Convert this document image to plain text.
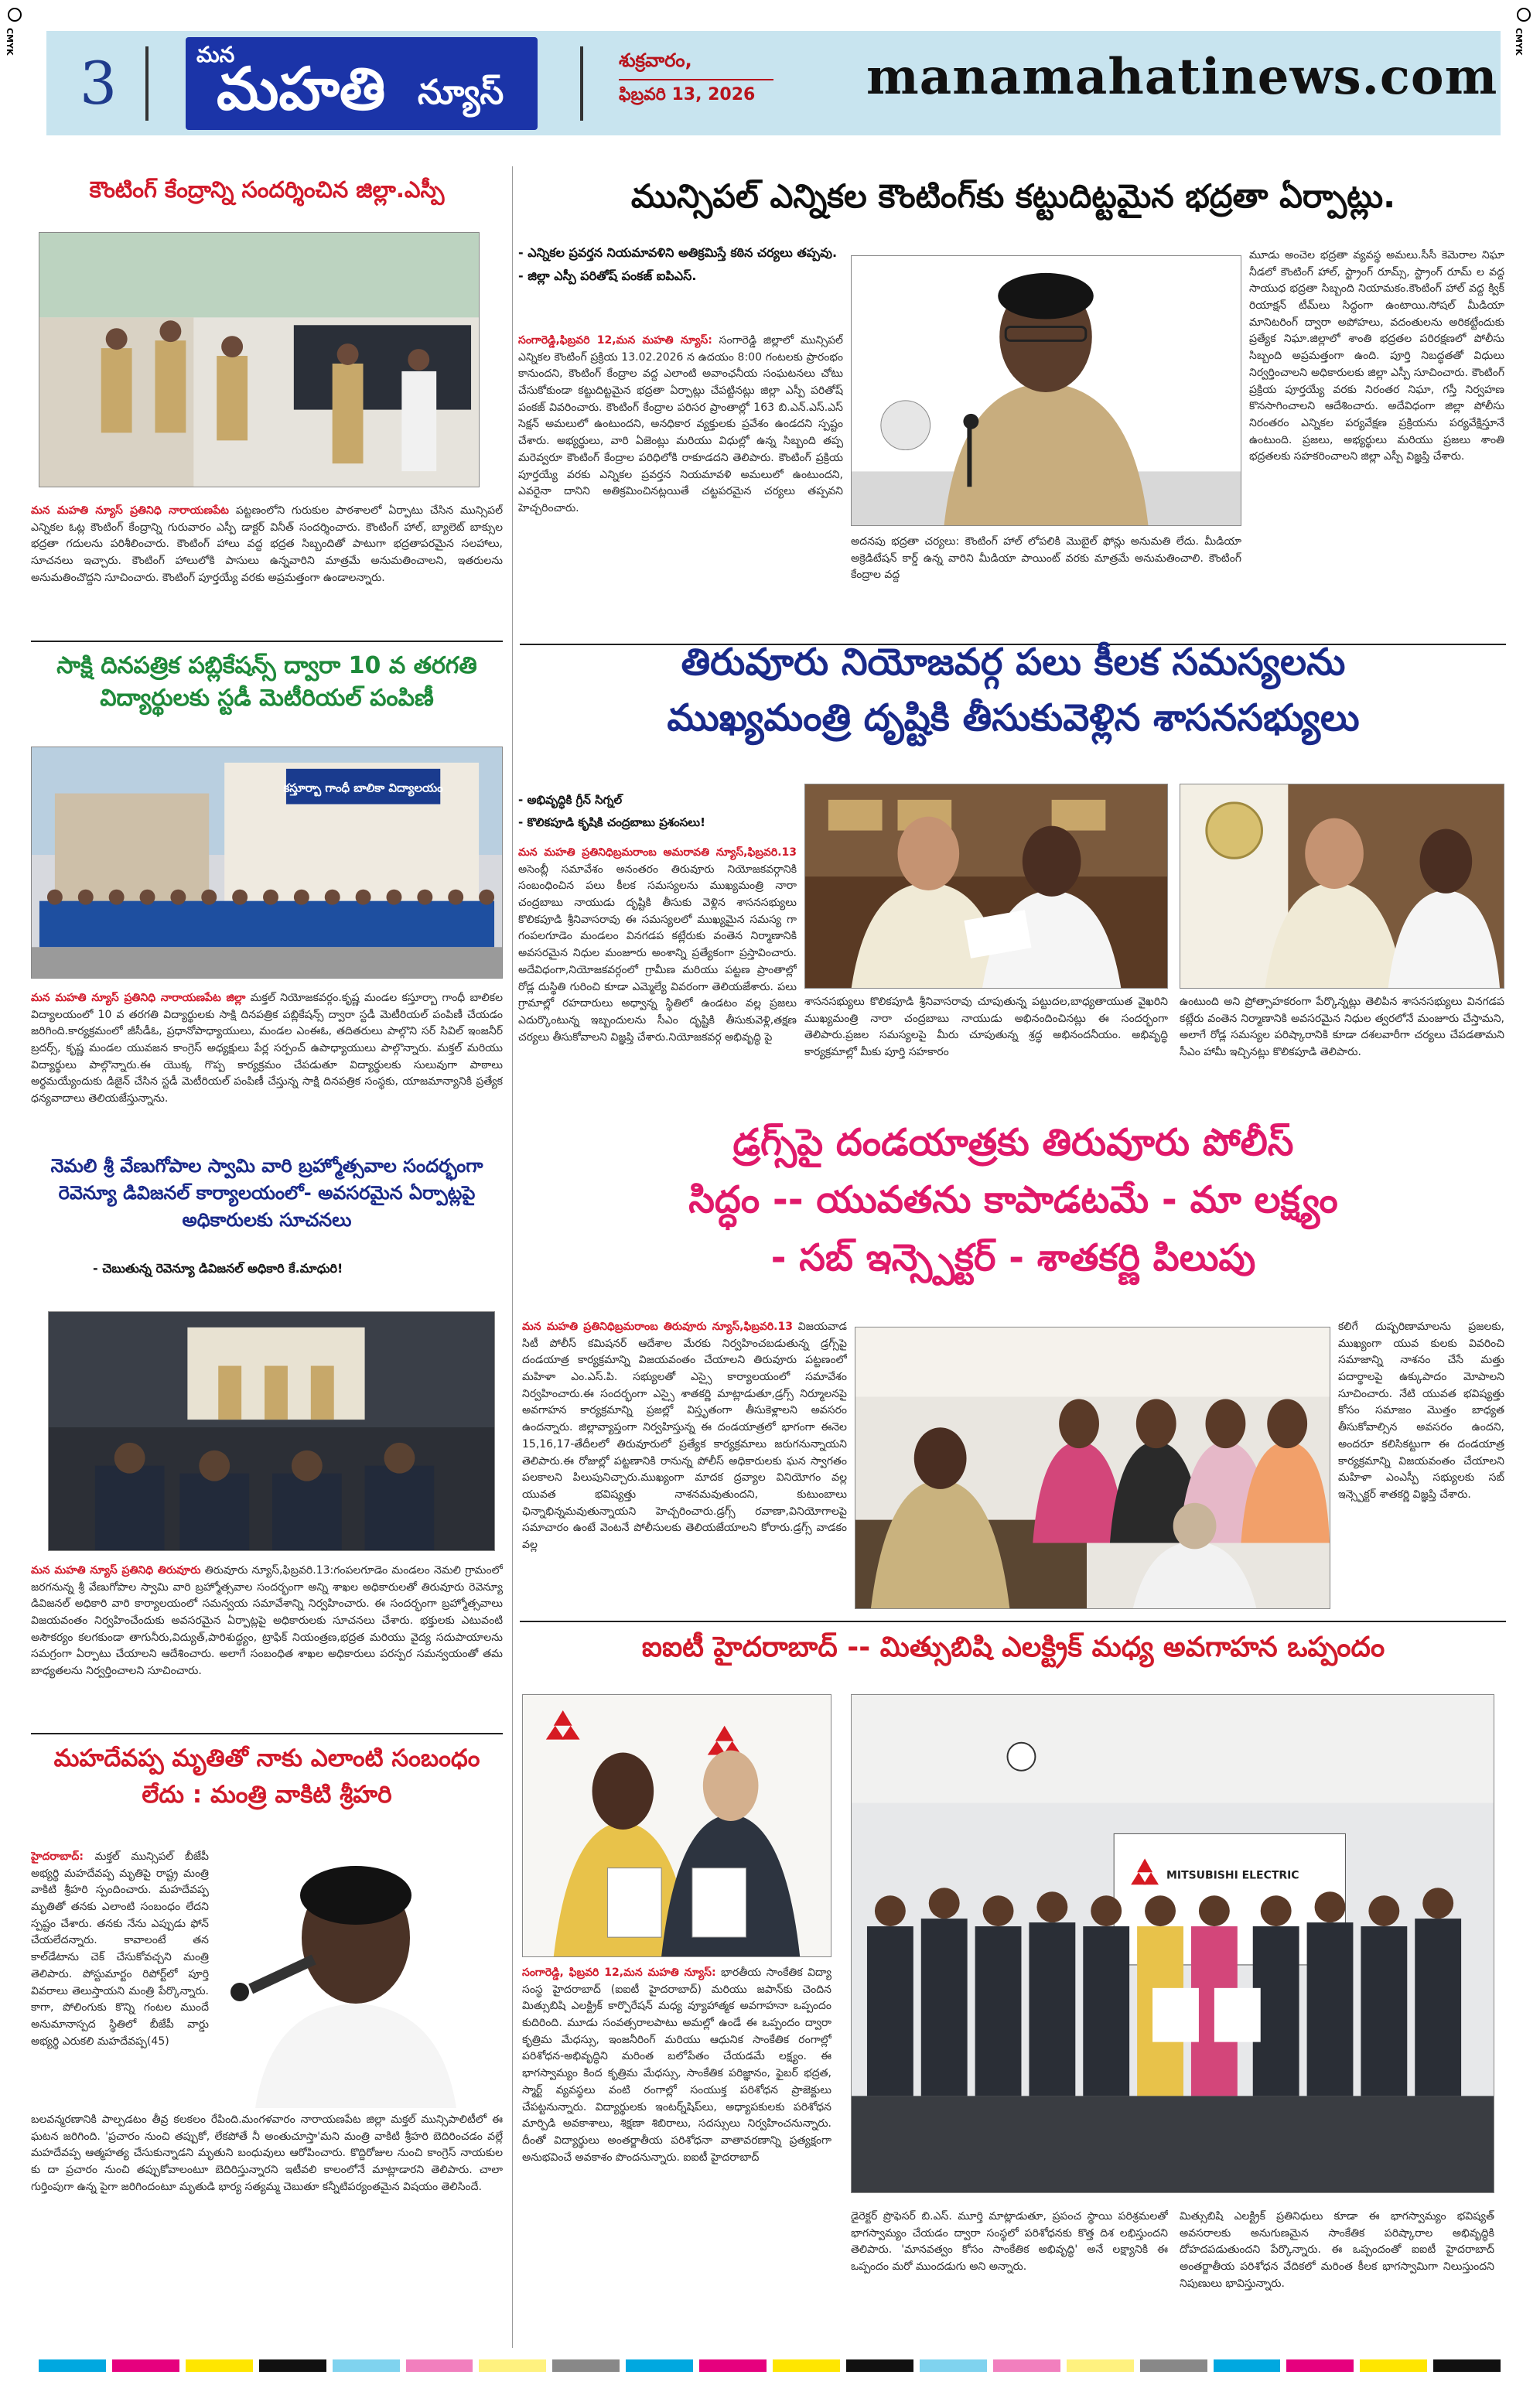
CMYK	CMYK
3	మన
మహతి న్యూస్
శుక్రవారం,
ఫిబ్రవరి 13, 2026	manamahatinews.com
కౌంటింగ్ కేంద్రాన్ని సందర్శించిన జిల్లా.ఎస్పీ
మన మహతి న్యూస్ ప్రతినిధి నారాయణపేట పట్టణంలోని గురుకుల పాఠశాలలో ఏర్పాటు చేసిన మున్సిపల్ ఎన్నికల ఓట్ల కౌంటింగ్ కేంద్రాన్ని గురువారం ఎస్పీ డాక్టర్ వినీత్ సందర్శించారు. కౌంటింగ్ హాల్, బ్యాలెట్ బాక్సుల భద్రతా గదులను పరిశీలించారు. కౌంటింగ్ హాలు వద్ద భద్రత సిబ్బందితో పాటుగా భద్రతాపరమైన సలహాలు, సూచనలు ఇచ్చారు. కౌంటింగ్ హాలులోకి పాసులు ఉన్నవారిని మాత్రమే అనుమతించాలని, ఇతరులను అనుమతించొద్దని సూచించారు. కౌంటింగ్ పూర్తయ్యే వరకు అప్రమత్తంగా ఉండాలన్నారు.
సాక్షి దినపత్రిక పబ్లికేషన్స్ ద్వారా 10 వ తరగతి విద్యార్థులకు స్టడీ మెటీరియల్ పంపిణీ
కస్తూర్బా గాంధీ బాలికా విద్యాలయం
మన మహతి న్యూస్ ప్రతినిధి నారాయణపేట జిల్లా మక్తల్ నియోజకవర్గం.కృష్ణ మండల కస్తూర్బా గాంధీ బాలికల విద్యాలయంలో 10 వ తరగతి విద్యార్థులకు సాక్షి దినపత్రిక పబ్లికేషన్స్ ద్వారా స్టడీ మెటీరియల్ పంపిణీ చేయడం జరిగింది.కార్యక్రమంలో జీసీడీఓ, ప్రధానోపాధ్యాయులు, మండల ఎంఈఓ, తదితరులు పాల్గొని సర్ సివిల్ ఇంజనీర్ బ్రదర్స్, కృష్ణ మండల యువజన కాంగ్రెస్ అధ్యక్షులు పేర్ల సర్పంచ్ ఉపాధ్యాయులు పాల్గొన్నారు. మక్తల్ మరియు విద్యార్థులు పాల్గొన్నారు.ఈ యొక్క గొప్ప కార్యక్రమం చేపడుతూ విద్యార్థులకు సులువుగా పాఠాలు అర్థమయ్యేందుకు డిజైన్ చేసిన స్టడీ మెటీరియల్ పంపిణీ చేస్తున్న సాక్షి దినపత్రిక సంస్థకు, యాజమాన్యానికి ప్రత్యేక ధన్యవాదాలు తెలియజేస్తున్నాను.
నెమలి శ్రీ వేణుగోపాల స్వామి వారి బ్రహ్మోత్సవాల సందర్భంగా రెవెన్యూ డివిజనల్ కార్యాలయంలో- అవసరమైన ఏర్పాట్లపై అధికారులకు సూచనలు
- చెబుతున్న రెవెన్యూ డివిజనల్ అధికారి కే.మాధురి!
మన మహతి న్యూస్ ప్రతినిధి తిరువూరు తిరువూరు న్యూస్,ఫిబ్రవరి.13:గంపలగూడెం మండలం నెమలి గ్రామంలో జరగనున్న శ్రీ వేణుగోపాల స్వామి వారి బ్రహ్మోత్సవాల సందర్భంగా అన్ని శాఖల అధికారులతో తిరువూరు రెవెన్యూ డివిజనల్ అధికారి వారి కార్యాలయంలో సమన్వయ సమావేశాన్ని నిర్వహించారు. ఈ సందర్భంగా బ్రహ్మోత్సవాలు విజయవంతం నిర్వహించేందుకు అవసరమైన ఏర్పాట్లపై అధికారులకు సూచనలు చేశారు. భక్తులకు ఎటువంటి అసౌకర్యం కలగకుండా తాగునీరు,విద్యుత్,పారిశుద్ధ్యం, ట్రాఫిక్ నియంత్రణ,భద్రత మరియు వైద్య సదుపాయాలను సమగ్రంగా ఏర్పాటు చేయాలని ఆదేశించారు. అలాగే సంబంధిత శాఖల అధికారులు పరస్పర సమన్వయంతో తమ బాధ్యతలను నిర్వర్తించాలని సూచించారు.
మహదేవప్ప మృతితో నాకు ఎలాంటి సంబంధం లేదు : మంత్రి వాకిటి శ్రీహరి
హైదరాబాద్: మక్తల్ మున్సిపల్ బీజేపీ అభ్యర్థి మహదేవప్ప మృతిపై రాష్ట్ర మంత్రి వాకిటి శ్రీహరి స్పందించారు. మహదేవప్ప మృతితో తనకు ఎలాంటి సంబంధం లేదని స్పష్టం చేశారు. తనకు నేను ఎప్పుడు ఫోన్ చేయలేదన్నారు. కావాలంటే తన కాల్‌డేటాను చెక్ చేసుకోవచ్చని మంత్రి తెలిపారు. పోస్టుమార్టం రిపోర్ట్‌లో పూర్తి వివరాలు తెలుస్తాయని మంత్రి పేర్కొన్నారు. కాగా, పోలింగుకు కొన్ని గంటల ముందే అనుమానాస్పద స్థితిలో బీజేపీ వార్డు అభ్యర్థి ఎరుకలి మహదేవప్ప(45)
బలవన్మరణానికి పాల్పడటం తీవ్ర కలకలం రేపింది.మంగళవారం నారాయణపేట జిల్లా మక్తల్ మున్సిపాలిటీలో ఈ ఘటన జరిగింది. 'ప్రచారం నుంచి తప్పుకో, లేకపోతే నీ అంతుచూస్తా'మని మంత్రి వాకిటి శ్రీహరి బెదిరించడం వల్లే మహదేవప్ప ఆత్మహత్య చేసుకున్నాడని మృతుని బంధువులు ఆరోపించారు. కొద్దిరోజుల నుంచి కాంగ్రెస్ నాయకుల కు దా ప్రచారం నుంచి తప్పుకోవాలంటూ బెదిరిస్తున్నారని ఇటీవలి కాలంలోనే మాట్లాడారని తెలిపారు. చాలా గుర్తింపుగా ఉన్న పైగా జరిగిందంటూ మృతుడి భార్య సత్యమ్మ చెబుతూ కన్నీటిపర్యంతమైన విషయం తెలిసిందే.
మున్సిపల్ ఎన్నికల కౌంటింగ్‌కు కట్టుదిట్టమైన భద్రతా ఏర్పాట్లు.
- ఎన్నికల ప్రవర్తన నియమావళిని అతిక్రమిస్తే కఠిన చర్యలు తప్పవు.
- జిల్లా ఎస్పీ పరితోష్ పంకజ్ ఐపిఎస్.
సంగారెడ్డి,ఫిబ్రవరి 12,మన మహతి న్యూస్: సంగారెడ్డి జిల్లాలో మున్సిపల్ ఎన్నికల కౌంటింగ్ ప్రక్రియ 13.02.2026 న ఉదయం 8:00 గంటలకు ప్రారంభం కానుందని, కౌంటింగ్ కేంద్రాల వద్ద ఎలాంటి అవాంఛనీయ సంఘటనలు చోటు చేసుకోకుండా కట్టుదిట్టమైన భద్రతా ఏర్పాట్లు చేపట్టినట్లు జిల్లా ఎస్పీ పరితోష్ పంకజ్ వివరించారు. కౌంటింగ్ కేంద్రాల పరిసర ప్రాంతాల్లో 163 బి.ఎన్.ఎస్.ఎస్ సెక్షన్ అమలులో ఉంటుందని, అనధికార వ్యక్తులకు ప్రవేశం ఉండదని స్పష్టం చేశారు. అభ్యర్థులు, వారి ఏజెంట్లు మరియు విధుల్లో ఉన్న సిబ్బంది తప్ప మరెవ్వరూ కౌంటింగ్ కేంద్రాల పరిధిలోకి రాకూడదని తెలిపారు. కౌంటింగ్ ప్రక్రియ పూర్తయ్యే వరకు ఎన్నికల ప్రవర్తన నియమావళి అమలులో ఉంటుందని, ఎవరైనా దానిని అతిక్రమించినట్లయితే చట్టపరమైన చర్యలు తప్పవని హెచ్చరించారు.
అదనపు భద్రతా చర్యలు: కౌంటింగ్ హాల్ లోపలికి మొబైల్ ఫోన్లు అనుమతి లేదు. మీడియా అక్రెడిటేషన్ కార్డ్ ఉన్న వారిని మీడియా పాయింట్ వరకు మాత్రమే అనుమతించాలి. కౌంటింగ్ కేంద్రాల వద్ద
మూడు అంచెల భద్రతా వ్యవస్థ అమలు.సీసీ కెమెరాల నిఘా నీడలో కౌంటింగ్ హాల్, స్ట్రాంగ్ రూమ్స్, స్ట్రాంగ్ రూమ్ ల వద్ద సాయుధ భద్రతా సిబ్బంది నియామకం.కౌంటింగ్ హాల్ వద్ద క్విక్ రియాక్షన్ టీమ్‌లు సిద్ధంగా ఉంటాయి.సోషల్ మీడియా మానిటరింగ్ ద్వారా అపోహలు, వదంతులను అరికట్టేందుకు ప్రత్యేక నిఘా.జిల్లాలో శాంతి భద్రతల పరిరక్షణలో పోలీసు సిబ్బంది అప్రమత్తంగా ఉంది. పూర్తి నిబద్ధతతో విధులు నిర్వర్తించాలని అధికారులకు జిల్లా ఎస్పీ సూచించారు. కౌంటింగ్ ప్రక్రియ పూర్తయ్యే వరకు నిరంతర నిఘా, గస్తీ నిర్వహణ కొనసాగించాలని ఆదేశించారు. అదేవిధంగా జిల్లా పోలీసు నిరంతరం ఎన్నికల పర్యవేక్షణ ప్రక్రియను పర్యవేక్షిస్తూనే ఉంటుంది. ప్రజలు, అభ్యర్థులు మరియు ప్రజలు శాంతి భద్రతలకు సహకరించాలని జిల్లా ఎస్పీ విజ్ఞప్తి చేశారు.
తిరువూరు నియోజవర్గ పలు కీలక సమస్యలను
ముఖ్యమంత్రి దృష్టికి తీసుకువెళ్లిన శాసనసభ్యులు
- అభివృద్ధికి గ్రీన్ సిగ్నల్
- కొలికపూడి కృషికి చంద్రబాబు ప్రశంసలు!
మన మహతి ప్రతినిధిబ్రమరాంబ అమరావతి న్యూస్,ఫిబ్రవరి.13 అసెంబ్లీ సమావేశం అనంతరం తిరువూరు నియోజకవర్గానికి సంబంధించిన పలు కీలక సమస్యలను ముఖ్యమంత్రి నారా చంద్రబాబు నాయుడు దృష్టికి తీసుకు వెళ్లిన శాసనసభ్యులు కొలికపూడి శ్రీనివాసరావు ఈ సమస్యలలో ముఖ్యమైన సమస్య గా గంపలగూడెం మండలం వినగడప కట్లేరుకు వంతెన నిర్మాణానికి అవసరమైన నిధుల మంజూరు అంశాన్ని ప్రత్యేకంగా ప్రస్తావించారు. అదేవిధంగా,నియోజకవర్గంలో గ్రామీణ మరియు పట్టణ ప్రాంతాల్లో రోడ్ల దుస్థితి గురించి కూడా ఎమ్మెల్యే వివరంగా తెలియజేశారు. పలు గ్రామాల్లో రహదారులు అధ్వాన్న స్థితిలో ఉండటం వల్ల ప్రజలు ఎదుర్కొంటున్న ఇబ్బందులను సీఎం దృష్టికి తీసుకువెళ్లి,తక్షణ చర్యలు తీసుకోవాలని విజ్ఞప్తి చేశారు.నియోజకవర్గ అభివృద్ధి పై
శాసనసభ్యులు కొలికపూడి శ్రీనివాసరావు చూపుతున్న పట్టుదల,బాధ్యతాయుత వైఖరిని ముఖ్యమంత్రి నారా చంద్రబాబు నాయుడు అభినందించినట్లు ఈ సందర్భంగా తెలిపారు.ప్రజల సమస్యలపై మీరు చూపుతున్న శ్రద్ధ అభినందనీయం. అభివృద్ధి కార్యక్రమాల్లో మీకు పూర్తి సహకారం
ఉంటుంది అని ప్రోత్సాహకరంగా పేర్కొన్నట్లు తెలిపిన శాసనసభ్యులు వినగడప కట్లేరు వంతెన నిర్మాణానికి అవసరమైన నిధుల త్వరలోనే మంజూరు చేస్తామని, అలాగే రోడ్ల సమస్యల పరిష్కారానికి కూడా దశలవారీగా చర్యలు చేపడతామని సీఎం హామీ ఇచ్చినట్లు కొలికపూడి తెలిపారు.
డ్రగ్స్‌పై దండయాత్రకు తిరువూరు పోలీస్
సిద్ధం -- యువతను కాపాడటమే - మా లక్ష్యం
- సబ్ ఇన్స్పెక్టర్ - శాతకర్ణి పిలుపు
మన మహతి ప్రతినిధిబ్రమరాంబ తిరువూరు న్యూస్,ఫిబ్రవరి.13 విజయవాడ సిటీ పోలీస్ కమిషనర్ ఆదేశాల మేరకు నిర్వహించబడుతున్న డ్రగ్స్‌పై దండయాత్ర కార్యక్రమాన్ని విజయవంతం చేయాలని తిరువూరు పట్టణంలో మహిళా ఎం.ఎస్.పి. సభ్యులతో ఎస్సై కార్యాలయంలో సమావేశం నిర్వహించారు.ఈ సందర్భంగా ఎస్సై శాతకర్ణి మాట్లాడుతూ,డ్రగ్స్ నిర్మూలనపై అవగాహన కార్యక్రమాన్ని ప్రజల్లో విస్తృతంగా తీసుకెళ్లాలని అవసరం ఉందన్నారు. జిల్లావ్యాప్తంగా నిర్వహిస్తున్న ఈ దండయాత్రలో భాగంగా ఈనెల 15,16,17-తేదీలలో తిరువూరులో ప్రత్యేక కార్యక్రమాలు జరుగనున్నాయని తెలిపారు.ఈ రోజుల్లో పట్టణానికి రానున్న పోలీస్ అధికారులకు ఘన స్వాగతం పలకాలని పిలుపునిచ్చారు.ముఖ్యంగా మాదక ద్రవ్యాల వినియోగం వల్ల యువత భవిష్యత్తు నాశనమవుతుందని, కుటుంబాలు ఛిన్నాభిన్నమవుతున్నాయని హెచ్చరించారు.డ్రగ్స్ రవాణా,వినియోగాలపై సమాచారం ఉంటే వెంటనే పోలీసులకు తెలియజేయాలని కోరారు.డ్రగ్స్ వాడకం వల్ల
కలిగే దుష్పరిణామాలను ప్రజలకు, ముఖ్యంగా యువ కులకు వివరించి సమాజాన్ని నాశనం చేసే మత్తు పదార్థాలపై ఉక్కుపాదం మోపాలని సూచించారు. నేటి యువత భవిష్యత్తు కోసం సమాజం మొత్తం బాధ్యత తీసుకోవాల్సిన అవసరం ఉందని, అందరూ కలిసికట్టుగా ఈ దండయాత్ర కార్యక్రమాన్ని విజయవంతం చేయాలని మహిళా ఎంఎస్పీ సభ్యులకు సబ్ ఇన్స్పెక్టర్ శాతకర్ణి విజ్ఞప్తి చేశారు.
ఐఐటీ హైదరాబాద్ -- మిత్సుబిషి ఎలక్ట్రిక్ మధ్య అవగాహన ఒప్పందం
సంగారెడ్డి, ఫిబ్రవరి 12,మన మహతి న్యూస్: భారతీయ సాంకేతిక విద్యా సంస్థ హైదరాబాద్ (ఐఐటీ హైదరాబాద్) మరియు జపాన్‌కు చెందిన మిత్సుబిషి ఎలక్ట్రిక్ కార్పొరేషన్ మధ్య వ్యూహాత్మక అవగాహనా ఒప్పందం కుదిరింది. మూడు సంవత్సరాలపాటు అమల్లో ఉండే ఈ ఒప్పందం ద్వారా కృత్రిమ మేధస్సు, ఇంజనీరింగ్ మరియు ఆధునిక సాంకేతిక రంగాల్లో పరిశోధన-అభివృద్ధిని మరింత బలోపేతం చేయడమే లక్ష్యం. ఈ భాగస్వామ్యం కింద కృత్రిమ మేధస్సు, సాంకేతిక పరిజ్ఞానం, ఫైబర్ భద్రత, స్మార్ట్ వ్యవస్థలు వంటి రంగాల్లో సంయుక్త పరిశోధన ప్రాజెక్టులు చేపట్టనున్నారు. విద్యార్థులకు ఇంటర్న్‌షిప్‌లు, అధ్యాపకులకు పరిశోధన మార్పిడి అవకాశాలు, శిక్షణా శిబిరాలు, సదస్సులు నిర్వహించనున్నారు. దీంతో విద్యార్థులు అంతర్జాతీయ పరిశోధనా వాతావరణాన్ని ప్రత్యక్షంగా అనుభవించే అవకాశం పొందనున్నారు. ఐఐటీ హైదరాబాద్
MITSUBISHI ELECTRIC
డైరెక్టర్ ప్రొఫెసర్ బి.ఎస్. మూర్తి మాట్లాడుతూ, ప్రపంచ స్థాయి పరిశ్రమలతో భాగస్వామ్యం చేయడం ద్వారా సంస్థలో పరిశోధనకు కొత్త దిశ లభిస్తుందని తెలిపారు. 'మానవత్వం కోసం సాంకేతిక అభివృద్ధి' అనే లక్ష్యానికి ఈ ఒప్పందం మరో ముందడుగు అని అన్నారు.
మిత్సుబిషి ఎలక్ట్రిక్ ప్రతినిధులు కూడా ఈ భాగస్వామ్యం భవిష్యత్ అవసరాలకు అనుగుణమైన సాంకేతిక పరిష్కారాల అభివృద్ధికి దోహదపడుతుందని పేర్కొన్నారు. ఈ ఒప్పందంతో ఐఐటీ హైదరాబాద్ అంతర్జాతీయ పరిశోధన వేదికలో మరింత కీలక భాగస్వామిగా నిలుస్తుందని నిపుణులు భావిస్తున్నారు.
